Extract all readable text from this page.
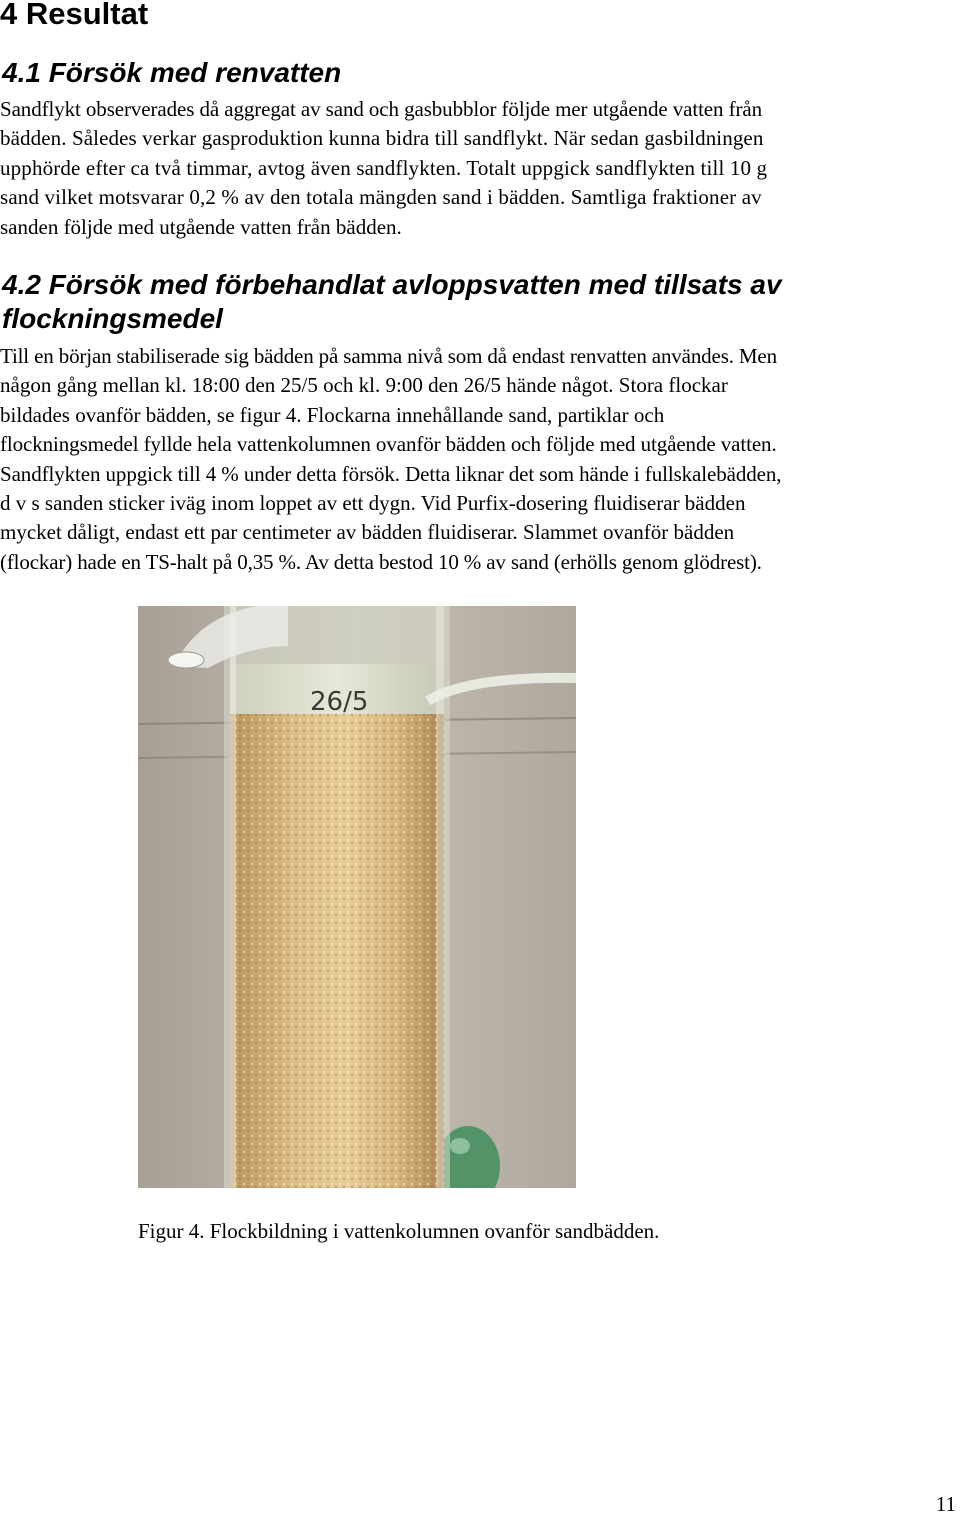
4 Resultat
4.1 Försök med renvatten
Sandflykt observerades då aggregat av sand och gasbubblor följde mer utgående vatten från
bädden. Således verkar gasproduktion kunna bidra till sandflykt. När sedan gasbildningen
upphörde efter ca två timmar, avtog även sandflykten. Totalt uppgick sandflykten till 10 g
sand vilket motsvarar 0,2 % av den totala mängden sand i bädden. Samtliga fraktioner av
sanden följde med utgående vatten från bädden.
4.2 Försök med förbehandlat avloppsvatten med tillsats av flockningsmedel
Till en början stabiliserade sig bädden på samma nivå som då endast renvatten användes. Men
någon gång mellan kl. 18:00 den 25/5 och kl. 9:00 den 26/5 hände något. Stora flockar
bildades ovanför bädden, se figur 4. Flockarna innehållande sand, partiklar och
flockningsmedel fyllde hela vattenkolumnen ovanför bädden och följde med utgående vatten.
Sandflykten uppgick till 4 % under detta försök. Detta liknar det som hände i fullskalebädden,
d v s sanden sticker iväg inom loppet av ett dygn. Vid Purfix-dosering fluidiserar bädden
mycket dåligt, endast ett par centimeter av bädden fluidiserar. Slammet ovanför bädden
(flockar) hade en TS-halt på 0,35 %. Av detta bestod 10 % av sand (erhölls genom glödrest).
26/5
Figur 4. Flockbildning i vattenkolumnen ovanför sandbädden.
11
